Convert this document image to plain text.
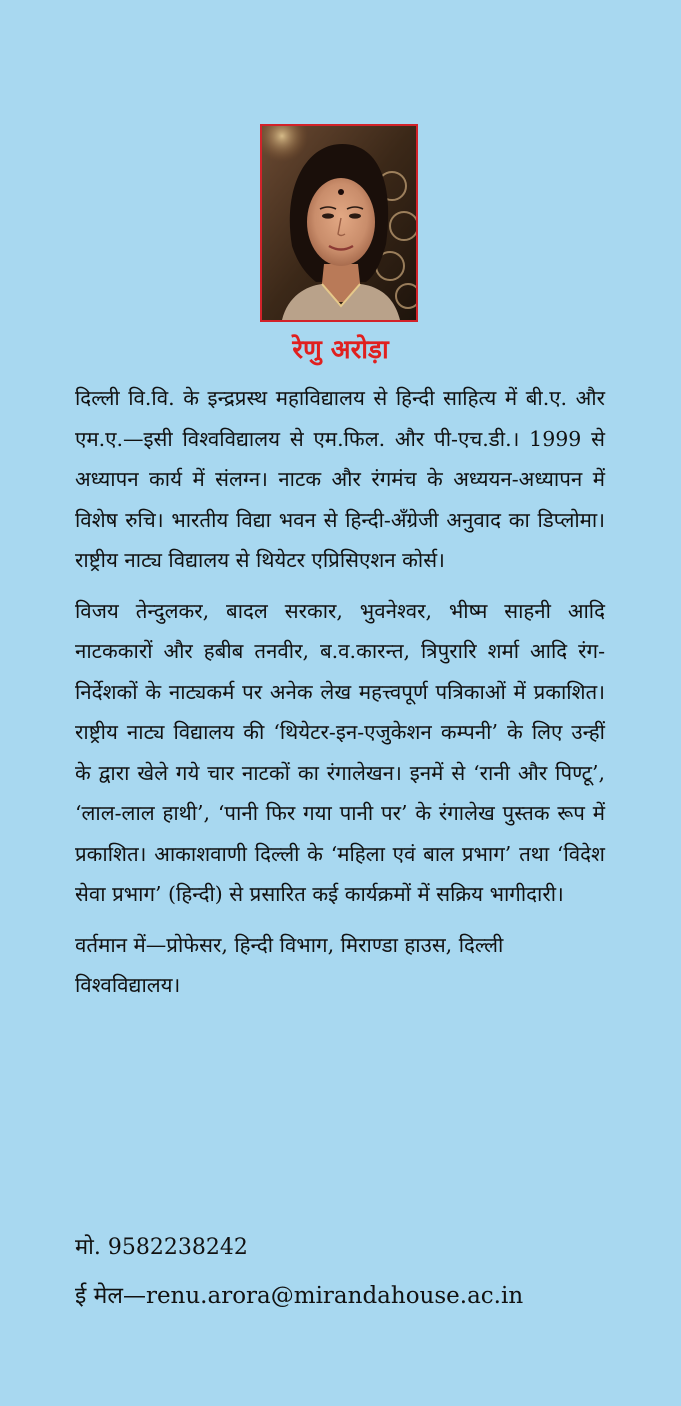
रेणु अरोड़ा

दिल्ली वि.वि. के इन्द्रप्रस्थ महाविद्यालय से हिन्दी साहित्य में बी.ए. और एम.ए.—इसी विश्वविद्यालय से एम.फिल. और पी-एच.डी.। 1999 से अध्यापन कार्य में संलग्न। नाटक और रंगमंच के अध्ययन-अध्यापन में विशेष रुचि। भारतीय विद्या भवन से हिन्दी-अँग्रेजी अनुवाद का डिप्लोमा। राष्ट्रीय नाट्य विद्यालय से थियेटर एप्रिसिएशन कोर्स।

विजय तेन्दुलकर, बादल सरकार, भुवनेश्वर, भीष्म साहनी आदि नाटककारों और हबीब तनवीर, ब.व.कारन्त, त्रिपुरारि शर्मा आदि रंग-निर्देशकों के नाट्यकर्म पर अनेक लेख महत्त्वपूर्ण पत्रिकाओं में प्रकाशित। राष्ट्रीय नाट्य विद्यालय की ‘थियेटर-इन-एजुकेशन कम्पनी’ के लिए उन्हीं के द्वारा खेले गये चार नाटकों का रंगालेखन। इनमें से ‘रानी और पिण्टू’, ‘लाल-लाल हाथी’, ‘पानी फिर गया पानी पर’ के रंगालेख पुस्तक रूप में प्रकाशित। आकाशवाणी दिल्ली के ‘महिला एवं बाल प्रभाग’ तथा ‘विदेश सेवा प्रभाग’ (हिन्दी) से प्रसारित कई कार्यक्रमों में सक्रिय भागीदारी।

वर्तमान में—प्रोफेसर, हिन्दी विभाग, मिराण्डा हाउस, दिल्ली विश्वविद्यालय।

मो. 9582238242
ई मेल—renu.arora@mirandahouse.ac.in
